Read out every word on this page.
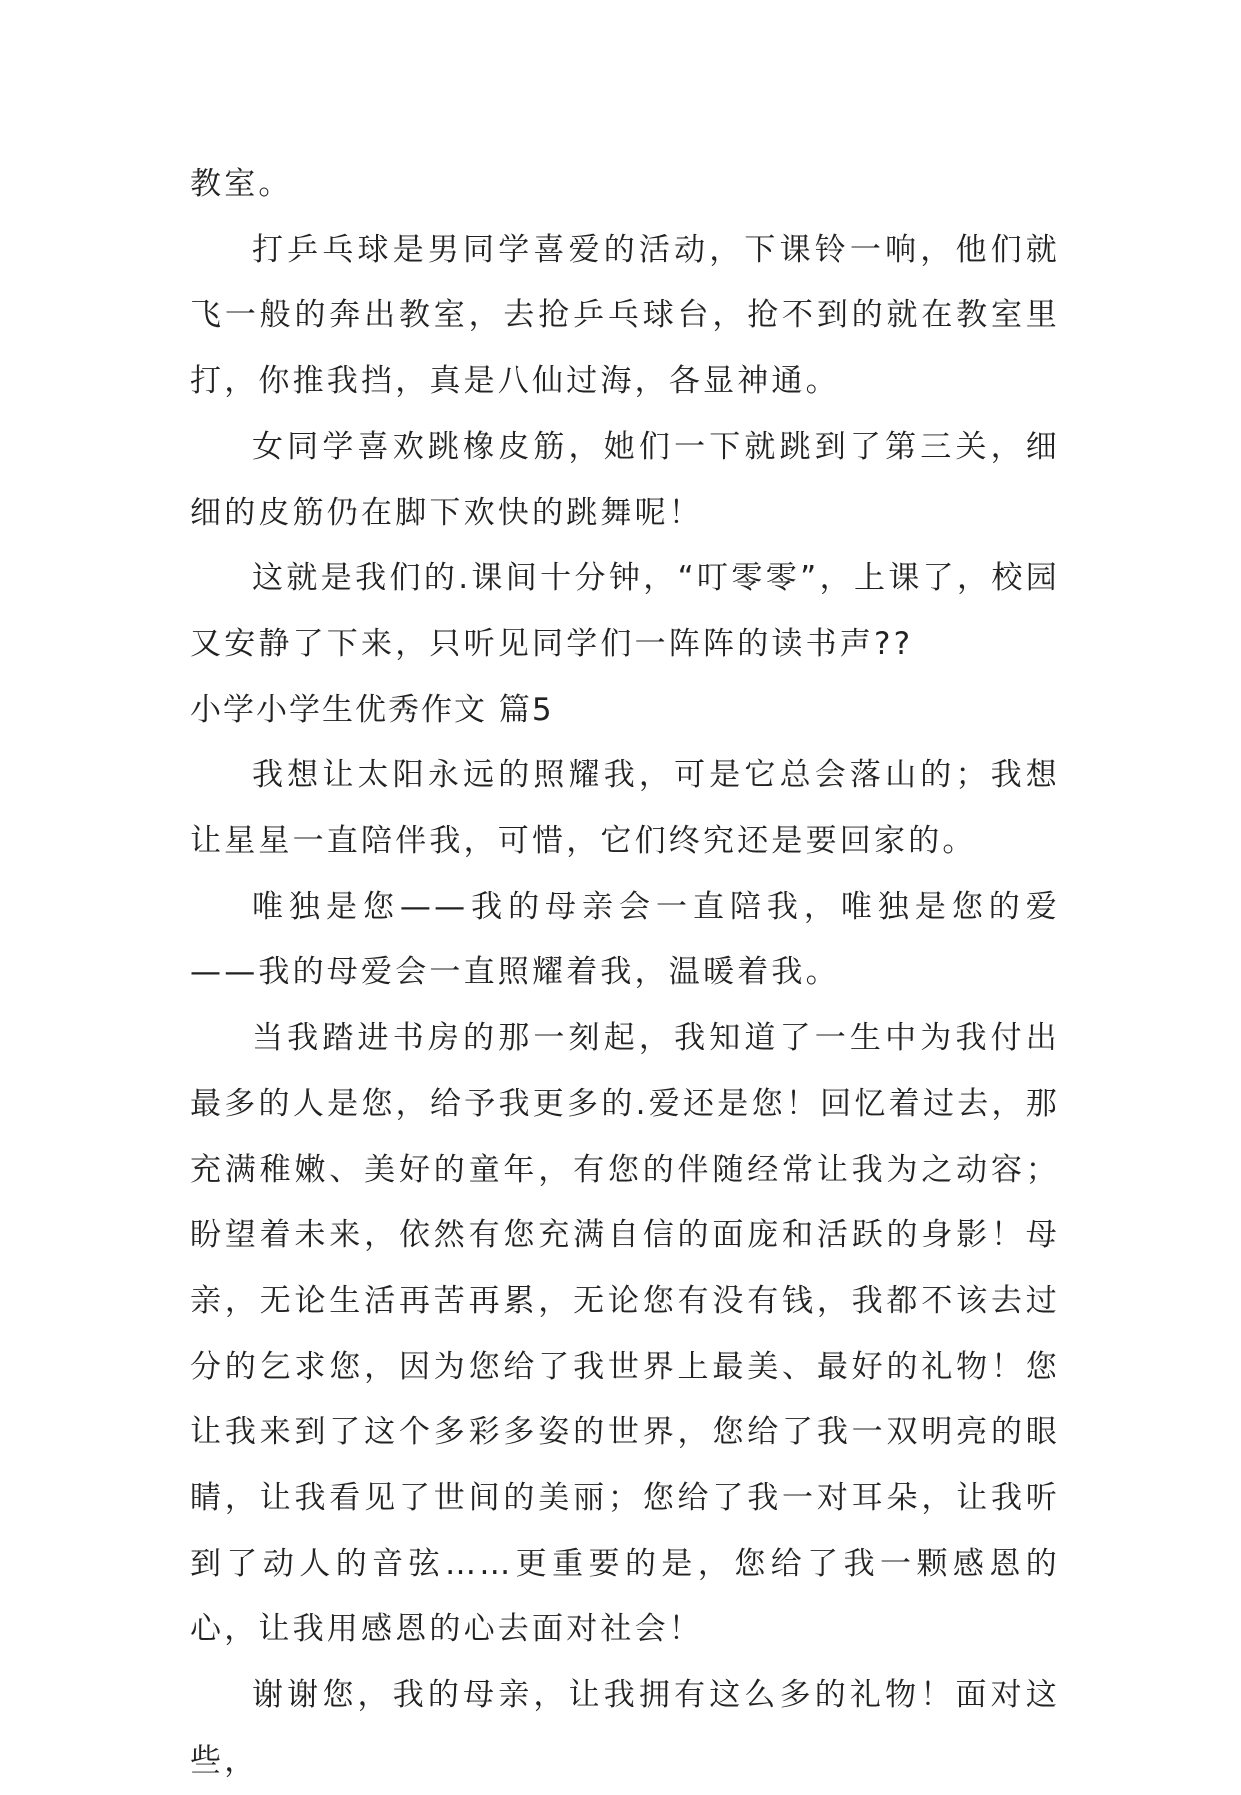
教室。

打乒乓球是男同学喜爱的活动，下课铃一响，他们就飞一般的奔出教室，去抢乒乓球台，抢不到的就在教室里打，你推我挡，真是八仙过海，各显神通。

女同学喜欢跳橡皮筋，她们一下就跳到了第三关，细细的皮筋仍在脚下欢快的跳舞呢！

这就是我们的.课间十分钟，“叮零零”，上课了，校园又安静了下来，只听见同学们一阵阵的读书声??

小学小学生优秀作文 篇5

我想让太阳永远的照耀我，可是它总会落山的；我想让星星一直陪伴我，可惜，它们终究还是要回家的。

唯独是您——我的母亲会一直陪我，唯独是您的爱——我的母爱会一直照耀着我，温暖着我。

当我踏进书房的那一刻起，我知道了一生中为我付出最多的人是您，给予我更多的.爱还是您！回忆着过去，那充满稚嫩、美好的童年，有您的伴随经常让我为之动容；盼望着未来，依然有您充满自信的面庞和活跃的身影！母亲，无论生活再苦再累，无论您有没有钱，我都不该去过分的乞求您，因为您给了我世界上最美、最好的礼物！您让我来到了这个多彩多姿的世界，您给了我一双明亮的眼睛，让我看见了世间的美丽；您给了我一对耳朵，让我听到了动人的音弦……更重要的是，您给了我一颗感恩的心，让我用感恩的心去面对社会！

谢谢您，我的母亲，让我拥有这么多的礼物！面对这些，
